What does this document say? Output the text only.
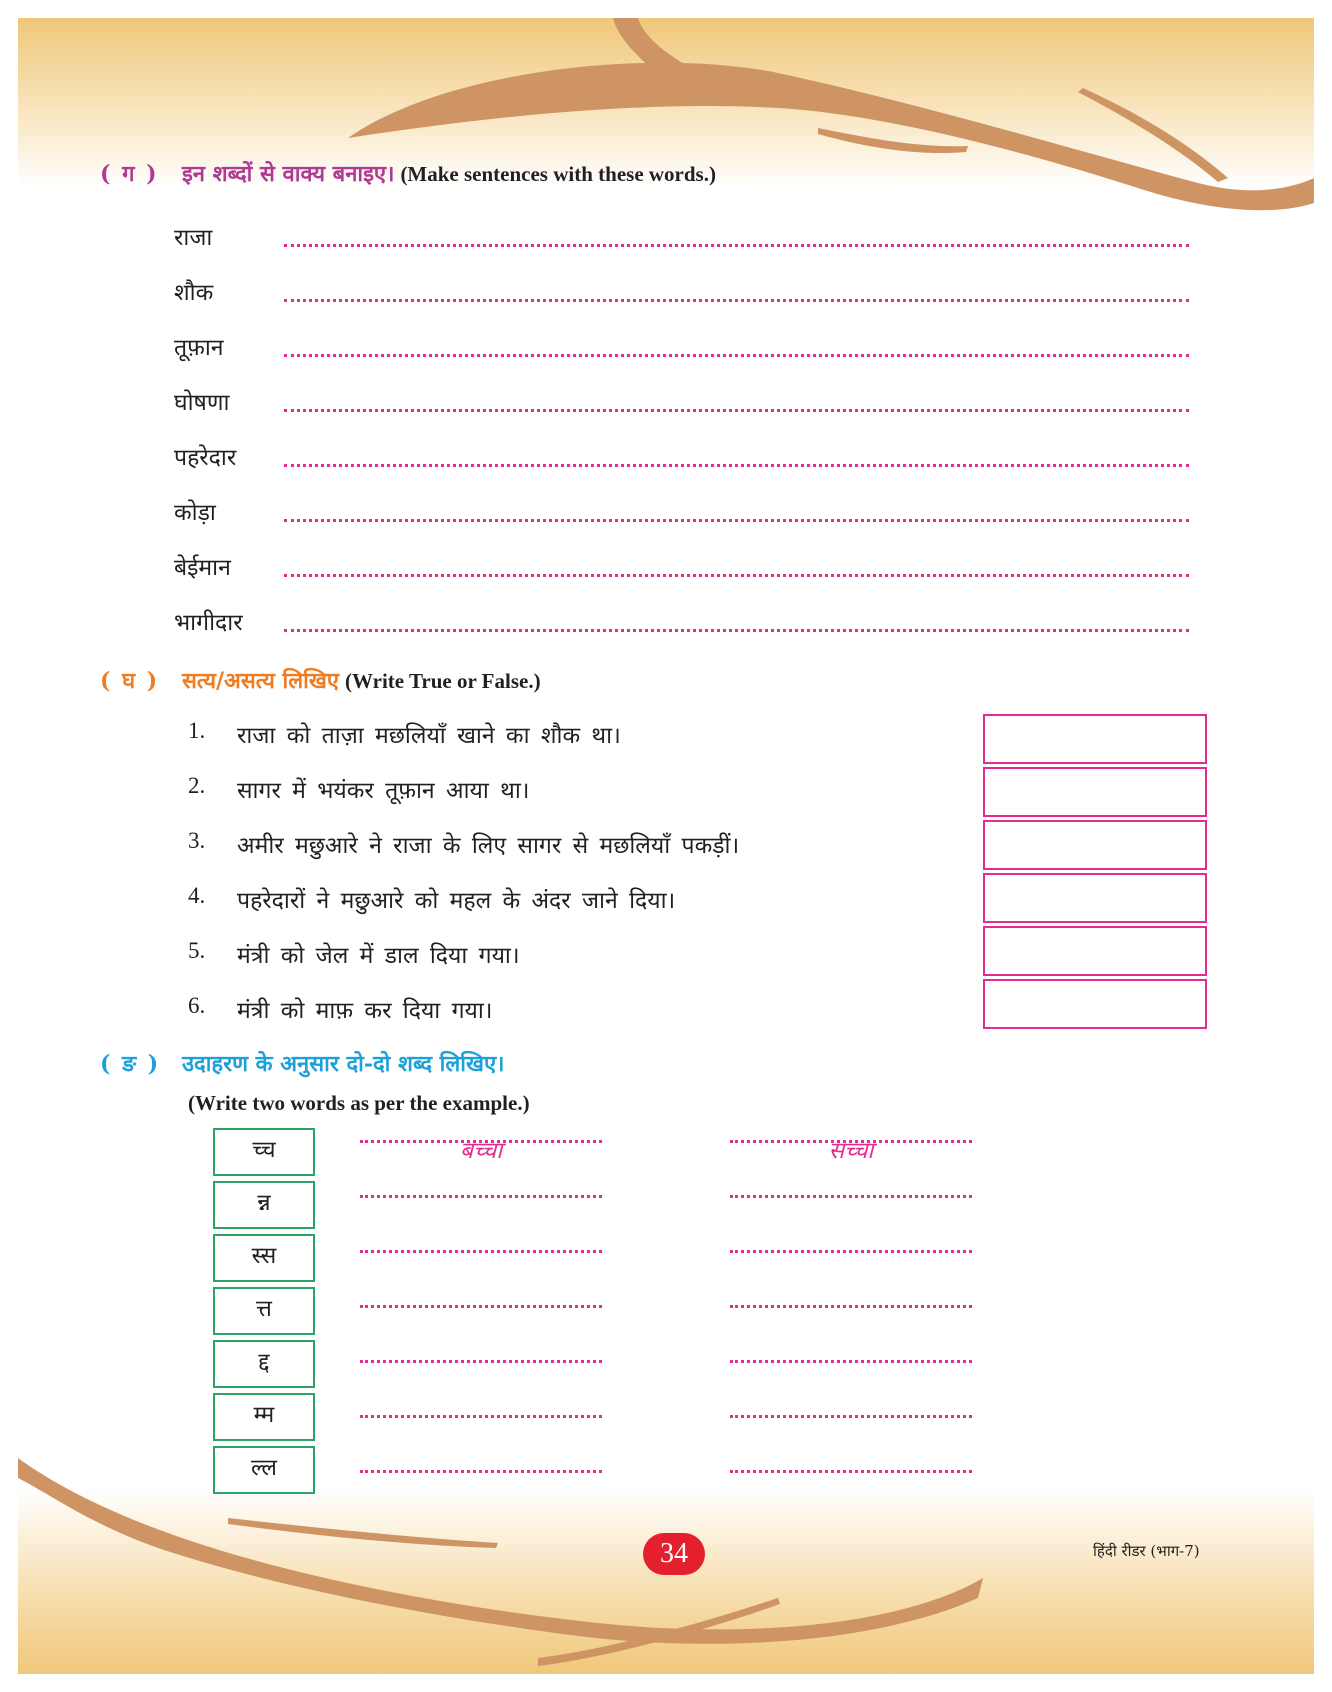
( ग ) इन शब्दों से वाक्य बनाइए। (Make sentences with these words.)
राजा
शौक
तूफ़ान
घोषणा
पहरेदार
कोड़ा
बेईमान
भागीदार
( घ ) सत्य/असत्य लिखिए (Write True or False.)
1. राजा को ताज़ा मछलियाँ खाने का शौक था।
2. सागर में भयंकर तूफ़ान आया था।
3. अमीर मछुआरे ने राजा के लिए सागर से मछलियाँ पकड़ीं।
4. पहरेदारों ने मछुआरे को महल के अंदर जाने दिया।
5. मंत्री को जेल में डाल दिया गया।
6. मंत्री को माफ़ कर दिया गया।
( ङ ) उदाहरण के अनुसार दो-दो शब्द लिखिए।
(Write two words as per the example.)
च्च
न्न
स्स
त्त
द्द
म्म
ल्ल
बच्चा	सच्चा
34	हिंदी रीडर (भाग-7)
